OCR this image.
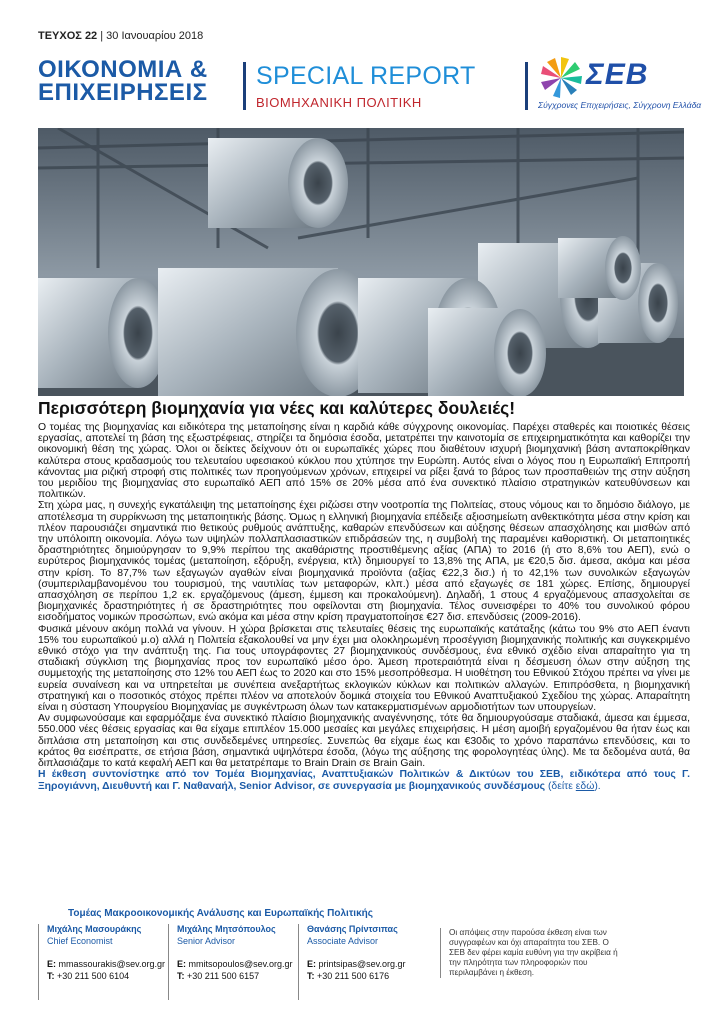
ΤΕΥΧΟΣ 22 | 30 Ιανουαρίου 2018
ΟΙΚΟΝΟΜΙΑ &
ΕΠΙΧΕΙΡΗΣΕΙΣ
SPECIAL REPORT
ΒΙΟΜΗΧΑΝΙΚΗ ΠΟΛΙΤΙΚΗ
ΣΕΒ
Σύγχρονες Επιχειρήσεις, Σύγχρονη Ελλάδα
Περισσότερη βιομηχανία για νέες και καλύτερες δουλειές!

Ο τομέας της βιομηχανίας και ειδικότερα της μεταποίησης είναι η καρδιά κάθε σύγχρονης οικονομίας. Παρέχει σταθερές και ποιοτικές θέσεις εργασίας, αποτελεί τη βάση της εξωστρέφειας, στηρίζει τα δημόσια έσοδα, μετατρέπει την καινοτομία σε επιχειρηματικότητα και καθορίζει την οικονομική θέση της χώρας. Όλοι οι δείκτες δείχνουν ότι οι ευρωπαϊκές χώρες που διαθέτουν ισχυρή βιομηχανική βάση ανταποκρίθηκαν καλύτερα στους κραδασμούς του τελευταίου υφεσιακού κύκλου που χτύπησε την Ευρώπη. Αυτός είναι ο λόγος που η Ευρωπαϊκή Επιτροπή κάνοντας μια ριζική στροφή στις πολιτικές των προηγούμενων χρόνων, επιχειρεί να ρίξει ξανά το βάρος των προσπαθειών της στην αύξηση του μεριδίου της βιομηχανίας στο ευρωπαϊκό ΑΕΠ από 15% σε 20% μέσα από ένα συνεκτικό πλαίσιο στρατηγικών κατευθύνσεων και πολιτικών.

Στη χώρα μας, η συνεχής εγκατάλειψη της μεταποίησης έχει ριζώσει στην νοοτροπία της Πολιτείας, στους νόμους και το δημόσιο διάλογο, με αποτέλεσμα τη συρρίκνωση της μεταποιητικής βάσης. Όμως η ελληνική βιομηχανία επέδειξε αξιοσημείωτη ανθεκτικότητα μέσα στην κρίση και πλέον παρουσιάζει σημαντικά πιο θετικούς ρυθμούς ανάπτυξης, καθαρών επενδύσεων και αύξησης θέσεων απασχόλησης και μισθών από την υπόλοιπη οικονομία. Λόγω των υψηλών πολλαπλασιαστικών επιδράσεών της, η συμβολή της παραμένει καθοριστική. Οι μεταποιητικές δραστηριότητες δημιούργησαν το 9,9% περίπου της ακαθάριστης προστιθέμενης αξίας (ΑΠΑ) το 2016 (ή στο 8,6% του ΑΕΠ), ενώ ο ευρύτερος βιομηχανικός τομέας (μεταποίηση, εξόρυξη, ενέργεια, κτλ) δημιουργεί το 13,8% της ΑΠΑ, με €20,5 δισ. άμεσα, ακόμα και μέσα στην κρίση. Το 87,7% των εξαγωγών αγαθών είναι βιομηχανικά προϊόντα (αξίας €22,3 δισ.) ή το 42,1% των συνολικών εξαγωγών (συμπεριλαμβανομένου του τουρισμού, της ναυτιλίας των μεταφορών, κλπ.) μέσα από εξαγωγές σε 181 χώρες. Επίσης, δημιουργεί απασχόληση σε περίπου 1,2 εκ. εργαζόμενους (άμεση, έμμεση και προκαλούμενη). Δηλαδή, 1 στους 4 εργαζόμενους απασχολείται σε βιομηχανικές δραστηριότητες ή σε δραστηριότητες που οφείλονται στη βιομηχανία. Τέλος συνεισφέρει το 40% του συνολικού φόρου εισοδήματος νομικών προσώπων, ενώ ακόμα και μέσα στην κρίση πραγματοποίησε €27 δισ. επενδύσεις (2009-2016).

Φυσικά μένουν ακόμη πολλά να γίνουν. Η χώρα βρίσκεται στις τελευταίες θέσεις της ευρωπαϊκής κατάταξης (κάτω του 9% στο ΑΕΠ έναντι 15% του ευρωπαϊκού μ.ο) αλλά η Πολιτεία εξακολουθεί να μην έχει μια ολοκληρωμένη προσέγγιση βιομηχανικής πολιτικής και συγκεκριμένο εθνικό στόχο για την ανάπτυξη της. Για τους υπογράφοντες 27 βιομηχανικούς συνδέσμους, ένα εθνικό σχέδιο είναι απαραίτητο για τη σταδιακή σύγκλιση της βιομηχανίας προς τον ευρωπαϊκό μέσο όρο. Άμεση προτεραιότητά είναι η δέσμευση όλων στην αύξηση της συμμετοχής της μεταποίησης στο 12% του ΑΕΠ έως το 2020 και στο 15% μεσοπρόθεσμα. Η υιοθέτηση του Εθνικού Στόχου πρέπει να γίνει με ευρεία συναίνεση και να υπηρετείται με συνέπεια ανεξαρτήτως εκλογικών κύκλων και πολιτικών αλλαγών. Επιπρόσθετα, η βιομηχανική στρατηγική και ο ποσοτικός στόχος πρέπει πλέον να αποτελούν δομικά στοιχεία του Εθνικού Αναπτυξιακού Σχεδίου της χώρας. Απαραίτητη είναι η σύσταση Υπουργείου Βιομηχανίας με συγκέντρωση όλων των κατακερματισμένων αρμοδιοτήτων των υπουργείων.

Αν συμφωνούσαμε και εφαρμόζαμε ένα συνεκτικό πλαίσιο βιομηχανικής αναγέννησης, τότε θα δημιουργούσαμε σταδιακά, άμεσα και έμμεσα, 550.000 νέες θέσεις εργασίας και θα είχαμε επιπλέον 15.000 μεσαίες και μεγάλες επιχειρήσεις. Η μέση αμοιβή εργαζομένου θα ήταν έως και διπλάσια στη μεταποίηση και στις συνδεδεμένες υπηρεσίες. Συνεπώς θα είχαμε έως και €30δις το χρόνο παραπάνω επενδύσεις, και το κράτος θα εισέπραττε, σε ετήσια βάση, σημαντικά υψηλότερα έσοδα, (λόγω της αύξησης της φορολογητέας ύλης). Με τα δεδομένα αυτά, θα διπλασιάζαμε το κατά κεφαλή ΑΕΠ και θα μετατρέπαμε το Brain Drain σε Brain Gain.

Η έκθεση συντονίστηκε από τον Τομέα Βιομηχανίας, Αναπτυξιακών Πολιτικών & Δικτύων του ΣΕΒ, ειδικότερα από τους Γ. Ξηρογιάννη, Διευθυντή και Γ. Ναθαναήλ, Senior Advisor, σε συνεργασία με βιομηχανικούς συνδέσμους (δείτε εδώ).

Τομέας Μακροοικονομικής Ανάλυσης και Ευρωπαϊκής Πολιτικής
Μιχάλης Μασουράκης
Chief Economist
E: mmassourakis@sev.org.gr
T: +30 211 500 6104
Μιχάλης Μητσόπουλος
Senior Advisor
E: mmitsopoulos@sev.org.gr
T: +30 211 500 6157
Θανάσης Πρίντσιπας
Associate Advisor
E: printsipas@sev.org.gr
T: +30 211 500 6176
Οι απόψεις στην παρούσα έκθεση είναι των συγγραφέων και όχι απαραίτητα του ΣΕΒ. Ο ΣΕΒ δεν φέρει καμία ευθύνη για την ακρίβεια ή την πληρότητα των πληροφοριών που περιλαμβάνει η έκθεση.
